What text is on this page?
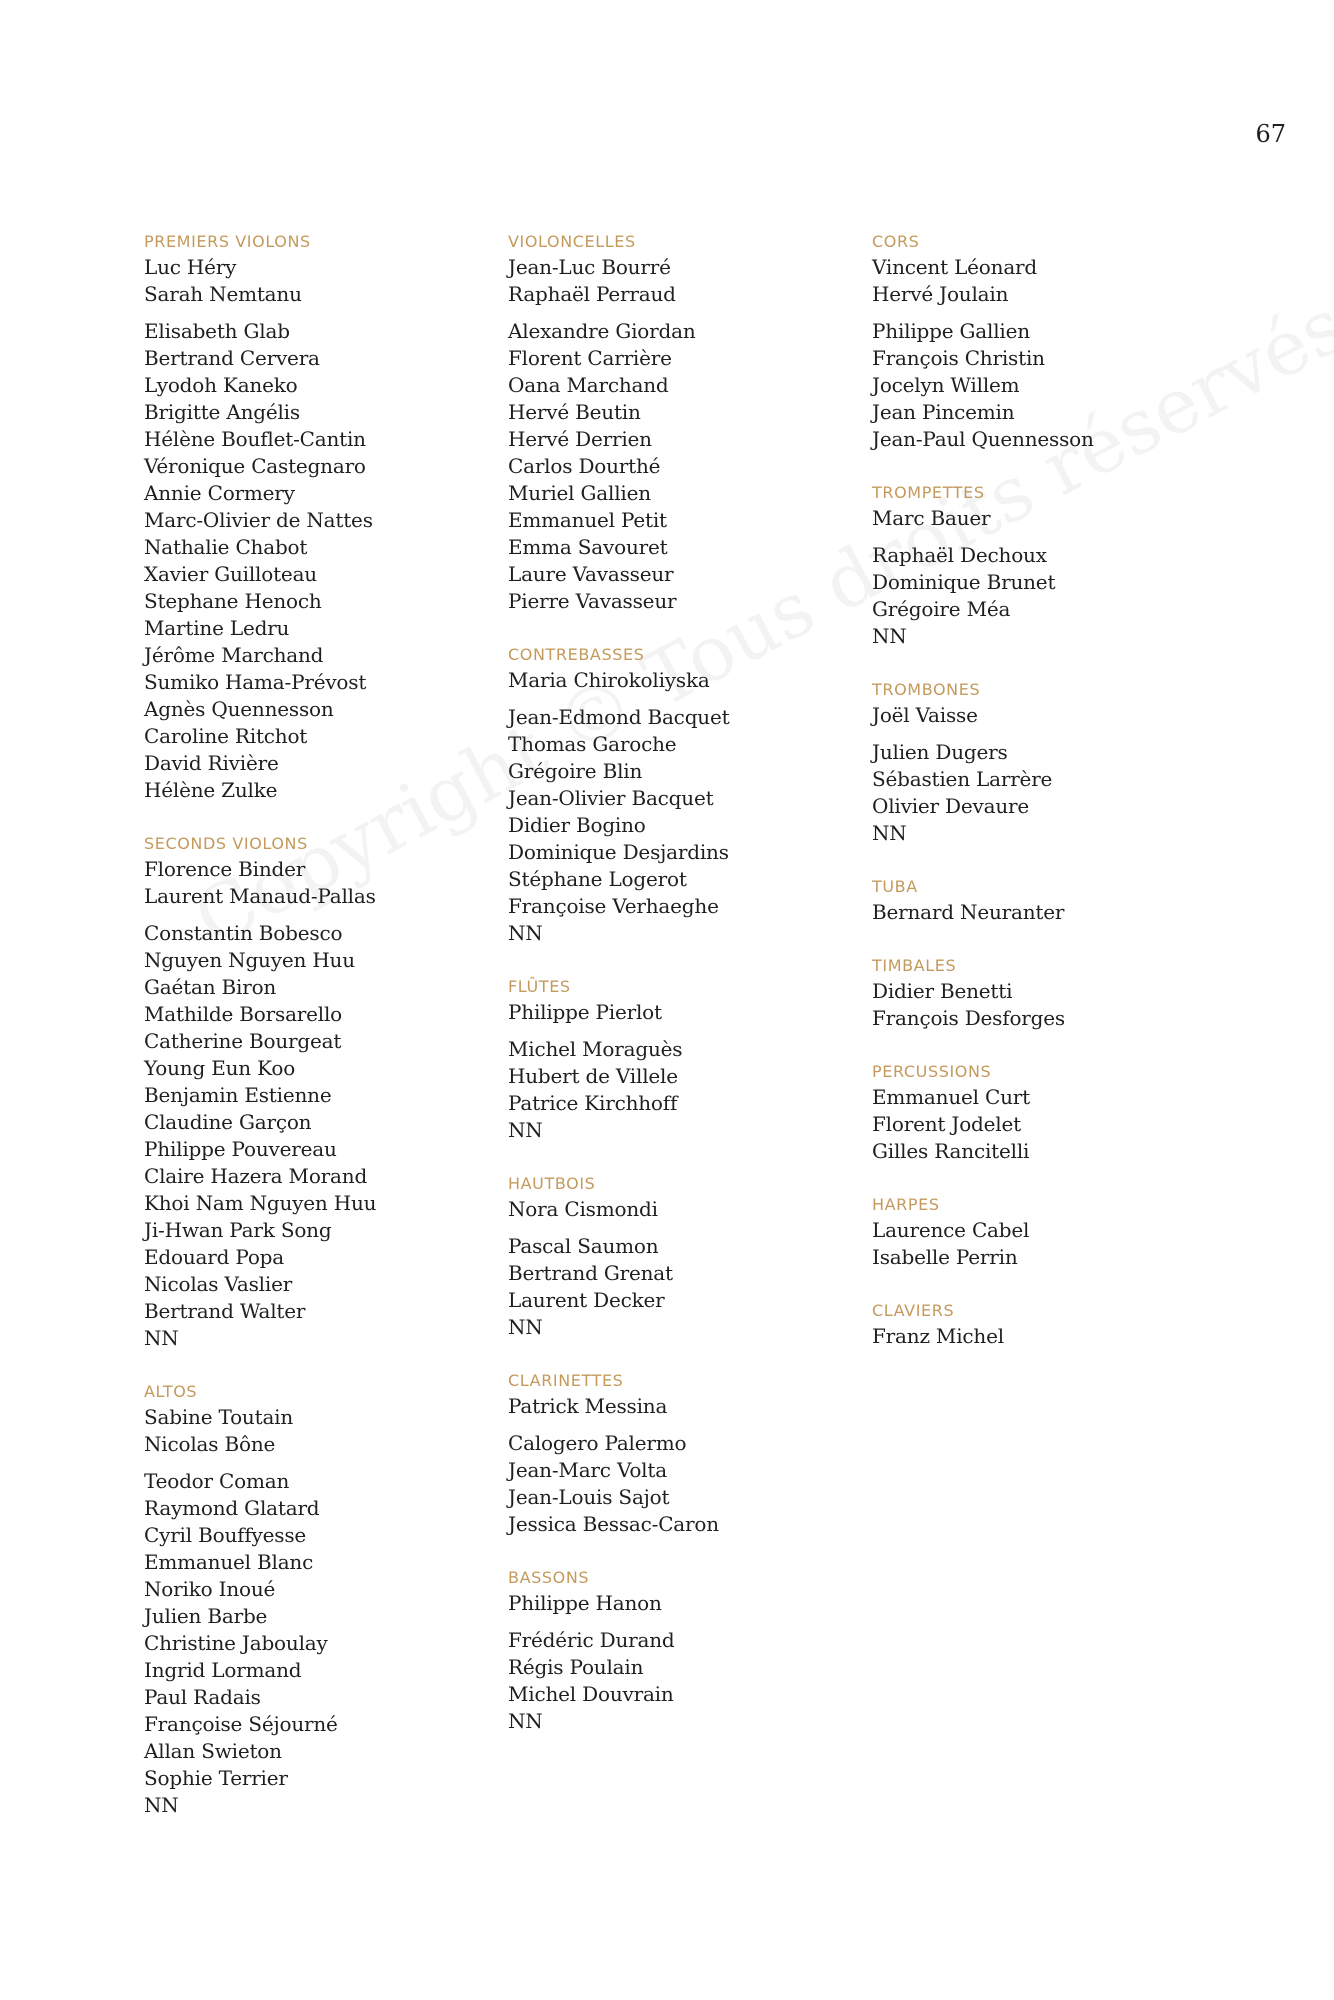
67
PREMIERS VIOLONS
Luc Héry
Sarah Nemtanu
Elisabeth Glab
Bertrand Cervera
Lyodoh Kaneko
Brigitte Angélis
Hélène Bouflet-Cantin
Véronique Castegnaro
Annie Cormery
Marc-Olivier de Nattes
Nathalie Chabot
Xavier Guilloteau
Stephane Henoch
Martine Ledru
Jérôme Marchand
Sumiko Hama-Prévost
Agnès Quennesson
Caroline Ritchot
David Rivière
Hélène Zulke
SECONDS VIOLONS
Florence Binder
Laurent Manaud-Pallas
Constantin Bobesco
Nguyen Nguyen Huu
Gaétan Biron
Mathilde Borsarello
Catherine Bourgeat
Young Eun Koo
Benjamin Estienne
Claudine Garçon
Philippe Pouvereau
Claire Hazera Morand
Khoi Nam Nguyen Huu
Ji-Hwan Park Song
Edouard Popa
Nicolas Vaslier
Bertrand Walter
NN
ALTOS
Sabine Toutain
Nicolas Bône
Teodor Coman
Raymond Glatard
Cyril Bouffyesse
Emmanuel Blanc
Noriko Inoué
Julien Barbe
Christine Jaboulay
Ingrid Lormand
Paul Radais
Françoise Séjourné
Allan Swieton
Sophie Terrier
NN
VIOLONCELLES
Jean-Luc Bourré
Raphaël Perraud
Alexandre Giordan
Florent Carrière
Oana Marchand
Hervé Beutin
Hervé Derrien
Carlos Dourthé
Muriel Gallien
Emmanuel Petit
Emma Savouret
Laure Vavasseur
Pierre Vavasseur
CONTREBASSES
Maria Chirokoliyska
Jean-Edmond Bacquet
Thomas Garoche
Grégoire Blin
Jean-Olivier Bacquet
Didier Bogino
Dominique Desjardins
Stéphane Logerot
Françoise Verhaeghe
NN
FLÛTES
Philippe Pierlot
Michel Moraguès
Hubert de Villele
Patrice Kirchhoff
NN
HAUTBOIS
Nora Cismondi
Pascal Saumon
Bertrand Grenat
Laurent Decker
NN
CLARINETTES
Patrick Messina
Calogero Palermo
Jean-Marc Volta
Jean-Louis Sajot
Jessica Bessac-Caron
BASSONS
Philippe Hanon
Frédéric Durand
Régis Poulain
Michel Douvrain
NN
CORS
Vincent Léonard
Hervé Joulain
Philippe Gallien
François Christin
Jocelyn Willem
Jean Pincemin
Jean-Paul Quennesson
TROMPETTES
Marc Bauer
Raphaël Dechoux
Dominique Brunet
Grégoire Méa
NN
TROMBONES
Joël Vaisse
Julien Dugers
Sébastien Larrère
Olivier Devaure
NN
TUBA
Bernard Neuranter
TIMBALES
Didier Benetti
François Desforges
PERCUSSIONS
Emmanuel Curt
Florent Jodelet
Gilles Rancitelli
HARPES
Laurence Cabel
Isabelle Perrin
CLAVIERS
Franz Michel
